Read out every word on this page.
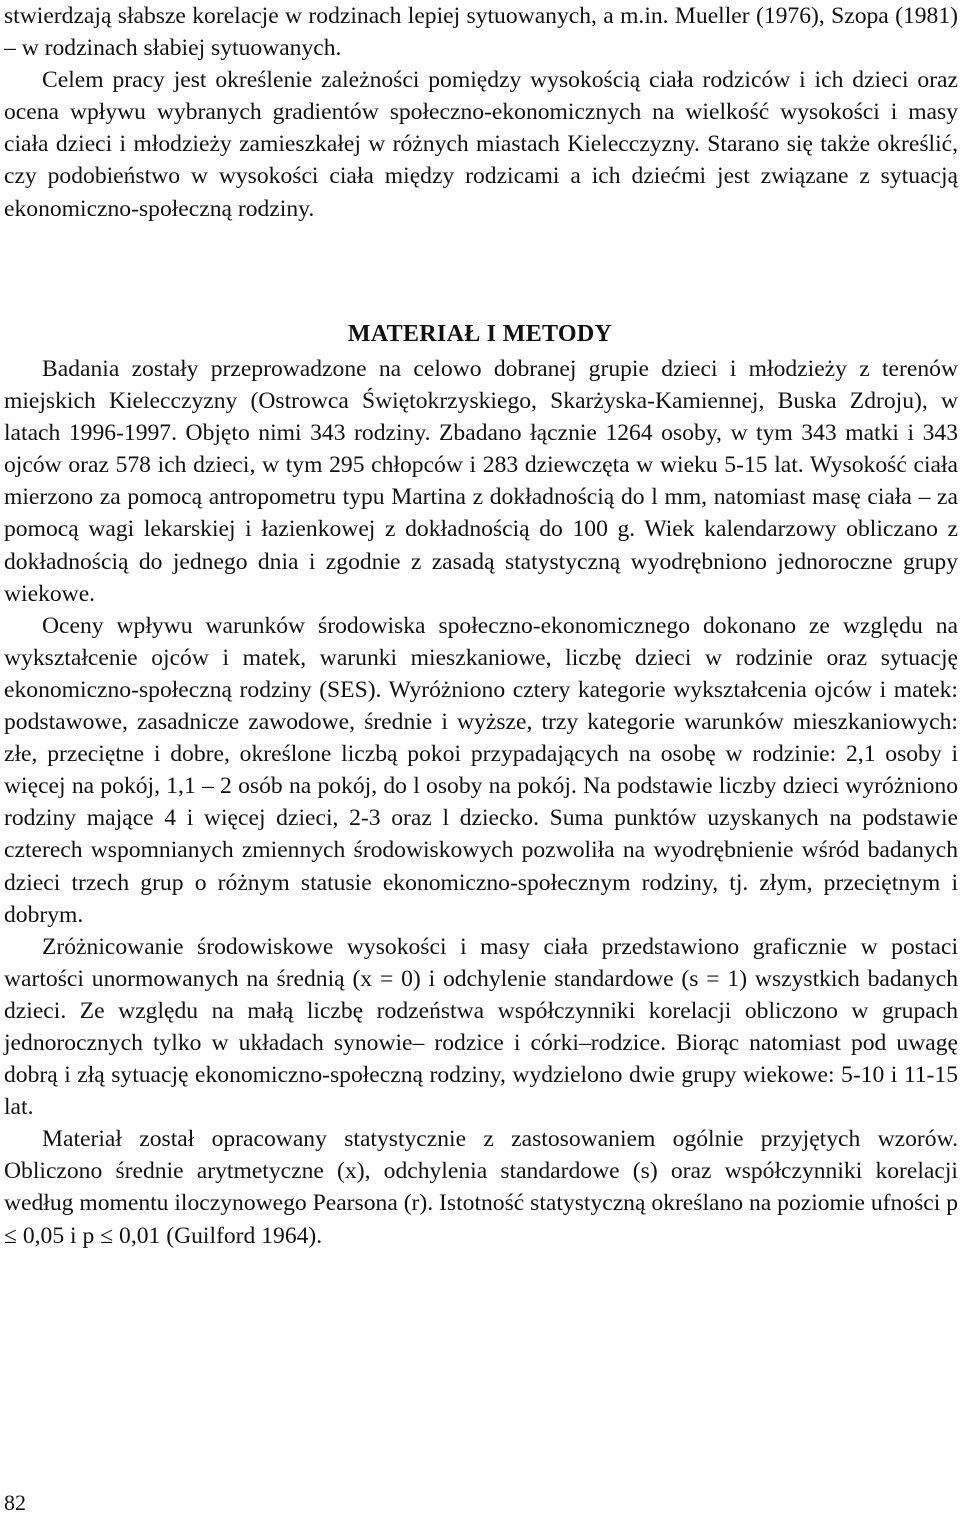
stwierdzają słabsze korelacje w rodzinach lepiej sytuowanych, a m.in. Mueller (1976), Szopa (1981) – w rodzinach słabiej sytuowanych.

Celem pracy jest określenie zależności pomiędzy wysokością ciała rodziców i ich dzieci oraz ocena wpływu wybranych gradientów społeczno-ekonomicznych na wielkość wysokości i masy ciała dzieci i młodzieży zamieszkałej w różnych miastach Kielecczyzny. Starano się także określić, czy podobieństwo w wysokości ciała między rodzicami a ich dziećmi jest związane z sytuacją ekonomiczno-społeczną rodziny.

MATERIAŁ I METODY

Badania zostały przeprowadzone na celowo dobranej grupie dzieci i młodzieży z terenów miejskich Kielecczyzny (Ostrowca Świętokrzyskiego, Skarżyska-Kamiennej, Buska Zdroju), w latach 1996-1997. Objęto nimi 343 rodziny. Zbadano łącznie 1264 osoby, w tym 343 matki i 343 ojców oraz 578 ich dzieci, w tym 295 chłopców i 283 dziewczęta w wieku 5-15 lat. Wysokość ciała mierzono za pomocą antropometru typu Martina z dokładnością do l mm, natomiast masę ciała – za pomocą wagi lekarskiej i łazienkowej z dokładnością do 100 g. Wiek kalendarzowy obliczano z dokładnością do jednego dnia i zgodnie z zasadą statystyczną wyodrębniono jednoroczne grupy wiekowe.

Oceny wpływu warunków środowiska społeczno-ekonomicznego dokonano ze względu na wykształcenie ojców i matek, warunki mieszkaniowe, liczbę dzieci w rodzinie oraz sytuację ekonomiczno-społeczną rodziny (SES). Wyróżniono cztery kategorie wykształcenia ojców i matek: podstawowe, zasadnicze zawodowe, średnie i wyższe, trzy kategorie warunków mieszkaniowych: złe, przeciętne i dobre, określone liczbą pokoi przypadających na osobę w rodzinie: 2,1 osoby i więcej na pokój, 1,1 – 2 osób na pokój, do l osoby na pokój. Na podstawie liczby dzieci wyróżniono rodziny mające 4 i więcej dzieci, 2-3 oraz l dziecko. Suma punktów uzyskanych na podstawie czterech wspomnianych zmiennych środowiskowych pozwoliła na wyodrębnienie wśród badanych dzieci trzech grup o różnym statusie ekonomiczno-społecznym rodziny, tj. złym, przeciętnym i dobrym.

Zróżnicowanie środowiskowe wysokości i masy ciała przedstawiono graficznie w postaci wartości unormowanych na średnią (x = 0) i odchylenie standardowe (s = 1) wszystkich badanych dzieci. Ze względu na małą liczbę rodzeństwa współczynniki korelacji obliczono w grupach jednorocznych tylko w układach synowie– rodzice i córki–rodzice. Biorąc natomiast pod uwagę dobrą i złą sytuację ekonomiczno-społeczną rodziny, wydzielono dwie grupy wiekowe: 5-10 i 11-15 lat.

Materiał został opracowany statystycznie z zastosowaniem ogólnie przyjętych wzorów. Obliczono średnie arytmetyczne (x), odchylenia standardowe (s) oraz współczynniki korelacji według momentu iloczynowego Pearsona (r). Istotność statystyczną określano na poziomie ufności p ≤ 0,05 i p ≤ 0,01 (Guilford 1964).

82
